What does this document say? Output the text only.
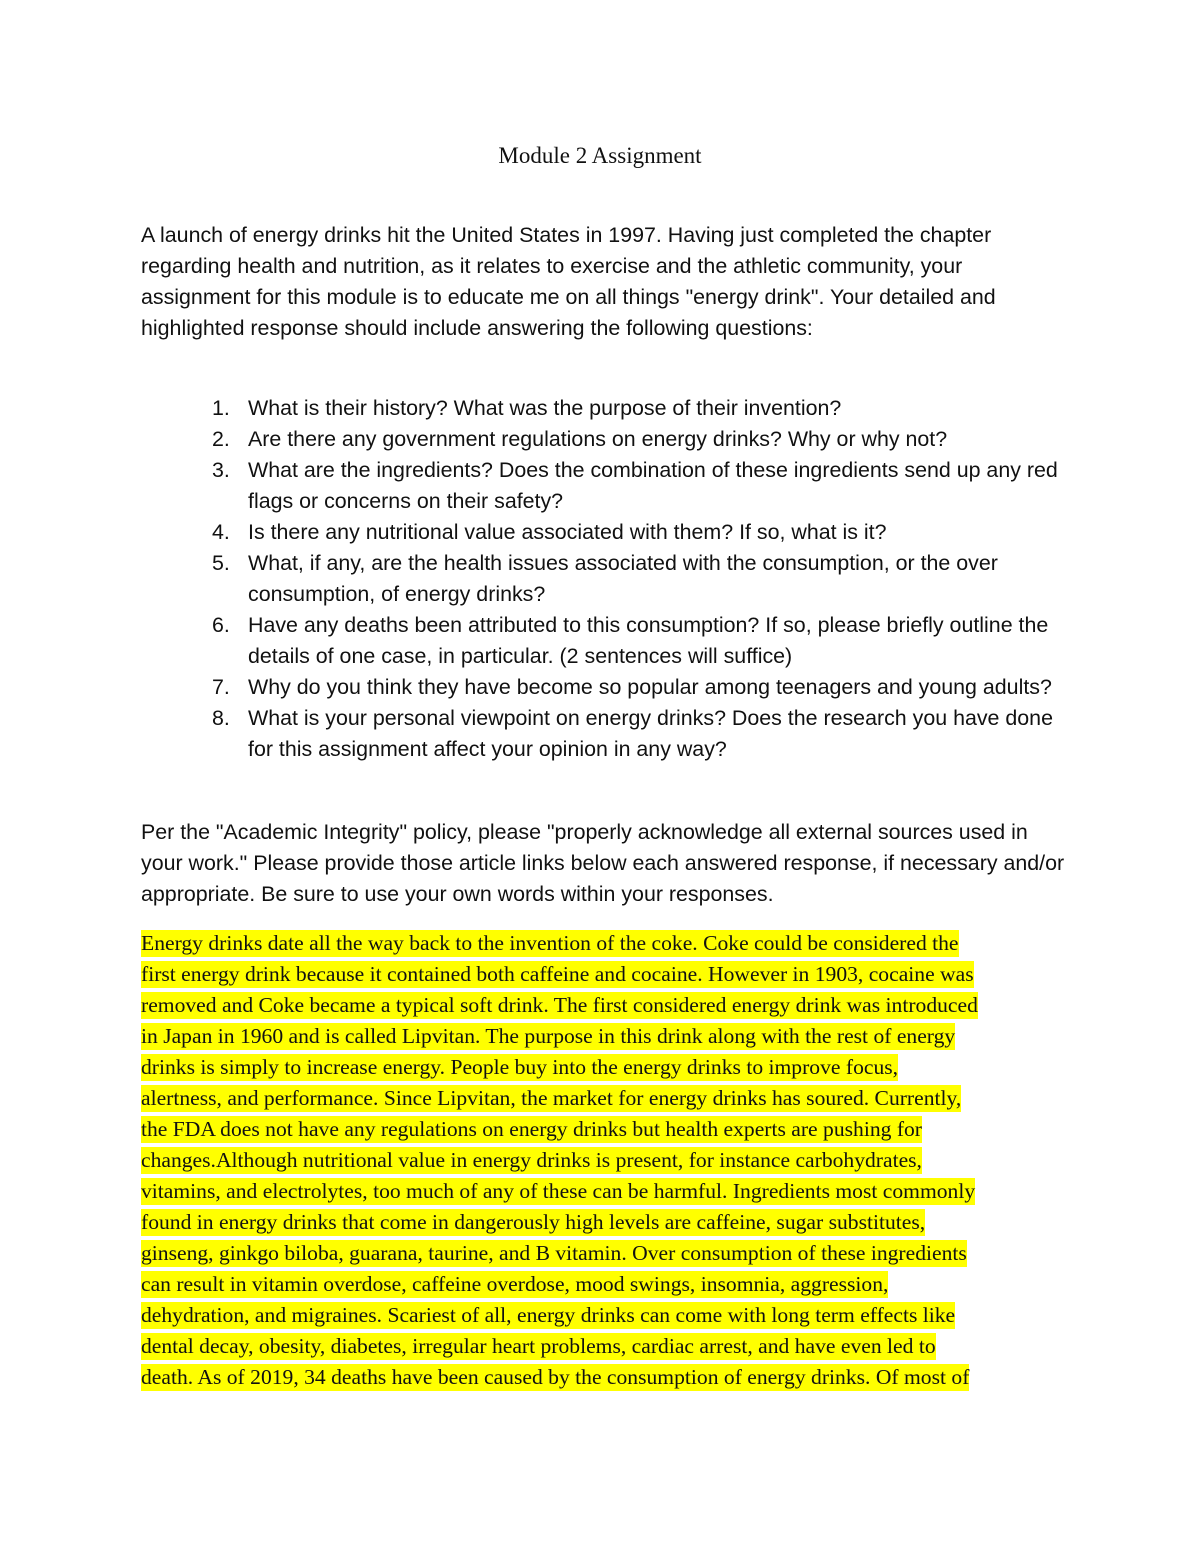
Module 2 Assignment

A launch of energy drinks hit the United States in 1997. Having just completed the chapter regarding health and nutrition, as it relates to exercise and the athletic community, your assignment for this module is to educate me on all things "energy drink". Your detailed and highlighted response should include answering the following questions:

1. What is their history? What was the purpose of their invention?
2. Are there any government regulations on energy drinks? Why or why not?
3. What are the ingredients? Does the combination of these ingredients send up any red flags or concerns on their safety?
4. Is there any nutritional value associated with them? If so, what is it?
5. What, if any, are the health issues associated with the consumption, or the over consumption, of energy drinks?
6. Have any deaths been attributed to this consumption? If so, please briefly outline the details of one case, in particular. (2 sentences will suffice)
7. Why do you think they have become so popular among teenagers and young adults?
8. What is your personal viewpoint on energy drinks? Does the research you have done for this assignment affect your opinion in any way?

Per the "Academic Integrity" policy, please "properly acknowledge all external sources used in your work." Please provide those article links below each answered response, if necessary and/or appropriate. Be sure to use your own words within your responses.

Energy drinks date all the way back to the invention of the coke. Coke could be considered the
first energy drink because it contained both caffeine and cocaine. However in 1903, cocaine was
removed and Coke became a typical soft drink. The first considered energy drink was introduced
in Japan in 1960 and is called Lipvitan. The purpose in this drink along with the rest of energy
drinks is simply to increase energy. People buy into the energy drinks to improve focus,
alertness, and performance. Since Lipvitan, the market for energy drinks has soured. Currently,
the FDA does not have any regulations on energy drinks but health experts are pushing for
changes.Although nutritional value in energy drinks is present, for instance carbohydrates,
vitamins, and electrolytes, too much of any of these can be harmful. Ingredients most commonly
found in energy drinks that come in dangerously high levels are caffeine, sugar substitutes,
ginseng, ginkgo biloba, guarana, taurine, and B vitamin. Over consumption of these ingredients
can result in vitamin overdose, caffeine overdose, mood swings, insomnia, aggression,
dehydration, and migraines. Scariest of all, energy drinks can come with long term effects like
dental decay, obesity, diabetes, irregular heart problems, cardiac arrest, and have even led to
death. As of 2019, 34 deaths have been caused by the consumption of energy drinks. Of most of
